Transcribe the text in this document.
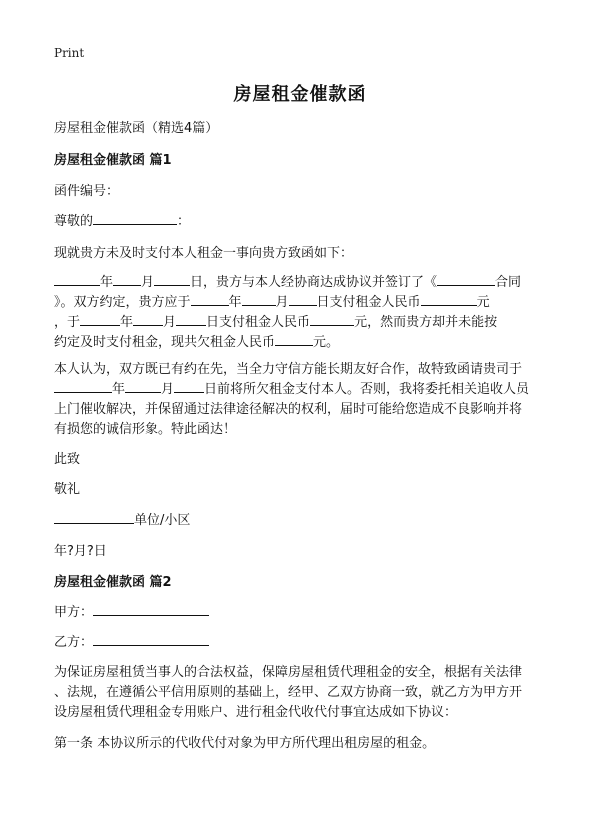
Print
房屋租金催款函

房屋租金催款函（精选4篇）

房屋租金催款函 篇1

函件编号：

尊敬的	：

现就贵方未及时支付本人租金一事向贵方致函如下：

年 月	日，贵方与本人经协商达成协议并签订了《	合同

》。双方约定，贵方应于	年	月 日支付租金人民币	元

，于	年 月 日支付租金人民币	元，然而贵方却并未能按

约定及时支付租金，现共欠租金人民币	元。

本人认为，双方既已有约在先，当全力守信方能长期友好合作，故特致函请贵司于

年	月 日前将所欠租金支付本人。否则，我将委托相关追收人员

上门催收解决，并保留通过法律途径解决的权利，届时可能给您造成不良影响并将

有损您的诚信形象。特此函达！

此致

敬礼

单位/小区

年?月?日

房屋租金催款函 篇2

甲方：

乙方：

为保证房屋租赁当事人的合法权益，保障房屋租赁代理租金的安全，根据有关法律

、法规，在遵循公平信用原则的基础上，经甲、乙双方协商一致，就乙方为甲方开

设房屋租赁代理租金专用账户、进行租金代收代付事宜达成如下协议：

第一条 本协议所示的代收代付对象为甲方所代理出租房屋的租金。
